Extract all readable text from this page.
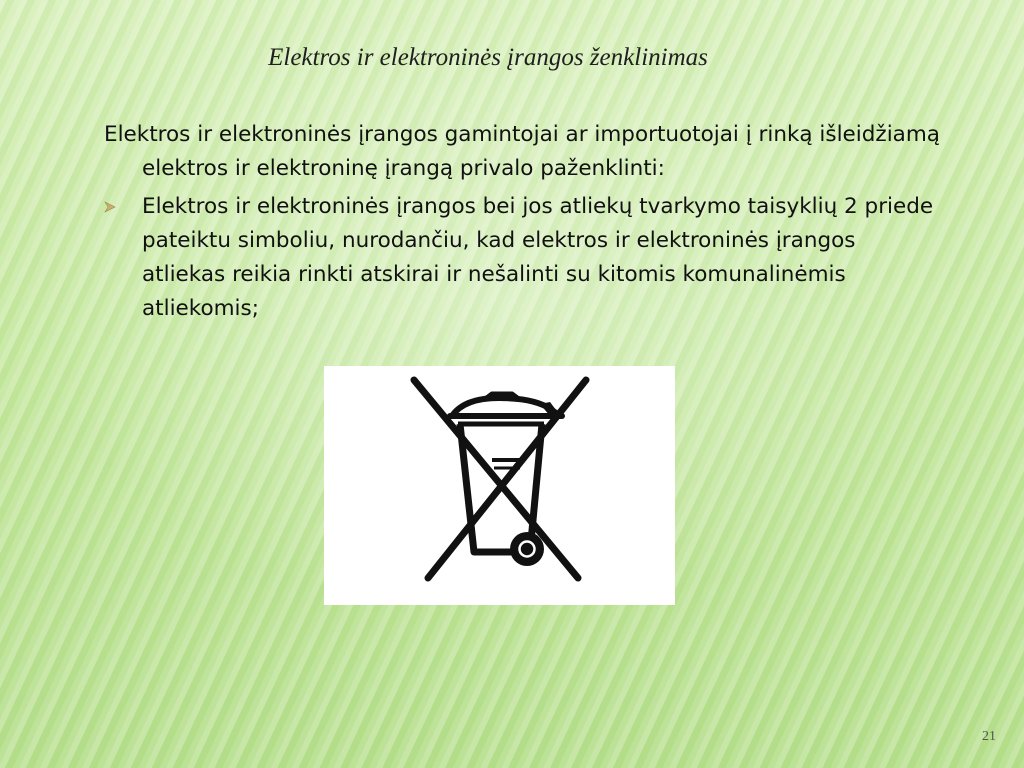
Elektros ir elektroninės įrangos ženklinimas

Elektros ir elektroninės įrangos gamintojai ar importuotojai į rinką išleidžiamą elektros ir elektroninę įrangą privalo paženklinti:

Elektros ir elektroninės įrangos bei jos atliekų tvarkymo taisyklių 2 priede pateiktu simboliu, nurodančiu, kad elektros ir elektroninės įrangos atliekas reikia rinkti atskirai ir nešalinti su kitomis komunalinėmis atliekomis;
21
